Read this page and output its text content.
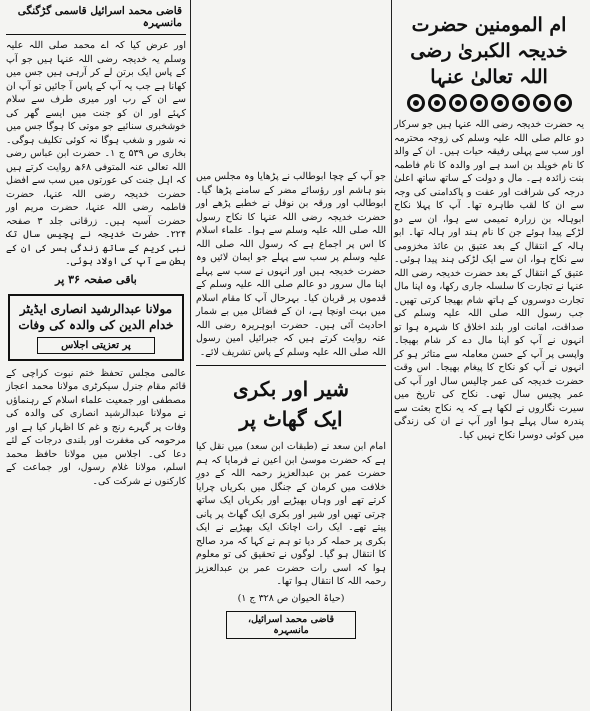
ام المومنین حضرت خدیجہ الکبریٰ رضی اللہ تعالیٰ عنہا
یہ حضرت خدیجہ رضی اللہ عنہا ہیں جو سرکار دو عالم صلی اللہ علیہ وسلم کی زوجہ محترمہ اور سب سے پہلی رفیقہ حیات ہیں۔ ان کے والد کا نام خویلد بن اسد ہے اور والدہ کا نام فاطمہ بنت زائدہ ہے۔ مال و دولت کے ساتھ ساتھ اعلیٰ درجہ کی شرافت اور عفت و پاکدامنی کی وجہ سے ان کا لقب طاہرہ تھا۔ آپ کا پہلا نکاح ابوہالہ بن زرارہ تمیمی سے ہوا، ان سے دو لڑکے پیدا ہوئے جن کا نام ہند اور ہالہ تھا۔ ابو ہالہ کے انتقال کے بعد عتیق بن عائذ مخزومی سے نکاح ہوا، ان سے ایک لڑکی ہند پیدا ہوئی۔ عتیق کے انتقال کے بعد حضرت خدیجہ رضی اللہ عنہا نے تجارت کا سلسلہ جاری رکھا، وہ اپنا مال تجارت دوسروں کے ہاتھ شام بھیجا کرتی تھیں۔ جب رسول اللہ صلی اللہ علیہ وسلم کی صداقت، امانت اور بلند اخلاق کا شہرہ ہوا تو انہوں نے آپ کو اپنا مال دے کر شام بھیجا۔ واپسی پر آپ کے حسن معاملہ سے متاثر ہو کر انہوں نے آپ کو نکاح کا پیغام بھیجا۔ اس وقت حضرت خدیجہ کی عمر چالیس سال اور آپ کی عمر پچیس سال تھی۔ نکاح کی تاریخ میں سیرت نگاروں نے لکھا ہے کہ یہ نکاح بعثت سے پندرہ سال پہلے ہوا اور آپ نے ان کی زندگی میں کوئی دوسرا نکاح نہیں کیا۔
جو آپ کے چچا ابوطالب نے پڑھایا وہ مجلس میں بنو ہاشم اور رؤسائے مضر کے سامنے پڑھا گیا۔ ابوطالب اور ورقہ بن نوفل نے خطبے پڑھے اور حضرت خدیجہ رضی اللہ عنہا کا نکاح رسول اللہ صلی اللہ علیہ وسلم سے ہوا۔ علماء اسلام کا اس پر اجماع ہے کہ رسول اللہ صلی اللہ علیہ وسلم پر سب سے پہلے جو ایمان لائیں وہ حضرت خدیجہ ہیں اور انہوں نے سب سے پہلے اپنا مال سرور دو عالم صلی اللہ علیہ وسلم کے قدموں پر قربان کیا۔ بہرحال آپ کا مقام اسلام میں بہت اونچا ہے، ان کے فضائل میں بے شمار احادیث آئی ہیں۔ حضرت ابوہریرہ رضی اللہ عنہ روایت کرتے ہیں کہ جبرائیل امین رسول اللہ صلی اللہ علیہ وسلم کے پاس تشریف لائے۔
شیر اور بکری
ایک گھاٹ پر
امام ابن سعد نے (طبقات ابن سعد) میں نقل کیا ہے کہ حضرت موسیٰ ابن اعین نے فرمایا کہ ہم حضرت عمر بن عبدالعزیز رحمہ اللہ کے دورِ خلافت میں کرمان کے جنگل میں بکریاں چرایا کرتے تھے اور وہاں بھیڑیے اور بکریاں ایک ساتھ چرتی تھیں اور شیر اور بکری ایک گھاٹ پر پانی پیتے تھے۔ ایک رات اچانک ایک بھیڑیے نے ایک بکری پر حملہ کر دیا تو ہم نے کہا کہ مرد صالح کا انتقال ہو گیا۔ لوگوں نے تحقیق کی تو معلوم ہوا کہ اسی رات حضرت عمر بن عبدالعزیز رحمہ اللہ کا انتقال ہوا تھا۔
(حیاۃ الحیوان ص ۳۲۸ ج ۱)
قاضی محمد اسرائیل، مانسہرہ
قاضی محمد اسرائیل قاسمی گڑگنگی مانسہرہ
اور عرض کیا کہ اے محمد صلی اللہ علیہ وسلم یہ خدیجہ رضی اللہ عنہا ہیں جو آپ کے پاس ایک برتن لے کر آرہی ہیں جس میں کھانا ہے جب یہ آپ کے پاس آ جائیں تو آپ ان سے ان کے رب اور میری طرف سے سلام کہئے اور ان کو جنت میں ایسے گھر کی خوشخبری سنائیے جو موتی کا ہوگا جس میں نہ شور و شغب ہوگا نہ کوئی تکلیف ہوگی۔ بخاری ص ۵۳۹ ج ۱۔ حضرت ابن عباس رضی اللہ تعالی عنہ المتوفی ۶۸ھ روایت کرتے ہیں کہ اہل جنت کی عورتوں میں سب سے افضل حضرت خدیجہ رضی اللہ عنہا، حضرت فاطمہ رضی اللہ عنہا، حضرت مریم اور حضرت آسیہ ہیں۔ زرقانی جلد ۳ صفحہ ۲۲۴۔ حضرت خدیجہ نے پچیس سال تک نبی کریم کے ساتھ زندگی بسر کی ان کے بطن سے آپ کی اولاد ہوئی۔
باقی صفحہ ۳۶ پر
مولانا عبدالرشید انصاری ایڈیٹر خدام الدین کی والدہ کی وفات
پر تعزیتی اجلاس
عالمی مجلس تحفظ ختم نبوت کراچی کے قائم مقام جنرل سیکرٹری مولانا محمد اعجاز مصطفی اور جمعیت علماء اسلام کے رہنماؤں نے مولانا عبدالرشید انصاری کی والدہ کی وفات پر گہرے رنج و غم کا اظہار کیا ہے اور مرحومہ کی مغفرت اور بلندی درجات کے لئے دعا کی۔ اجلاس میں مولانا حافظ محمد اسلم، مولانا غلام رسول، اور جماعت کے کارکنوں نے شرکت کی۔
